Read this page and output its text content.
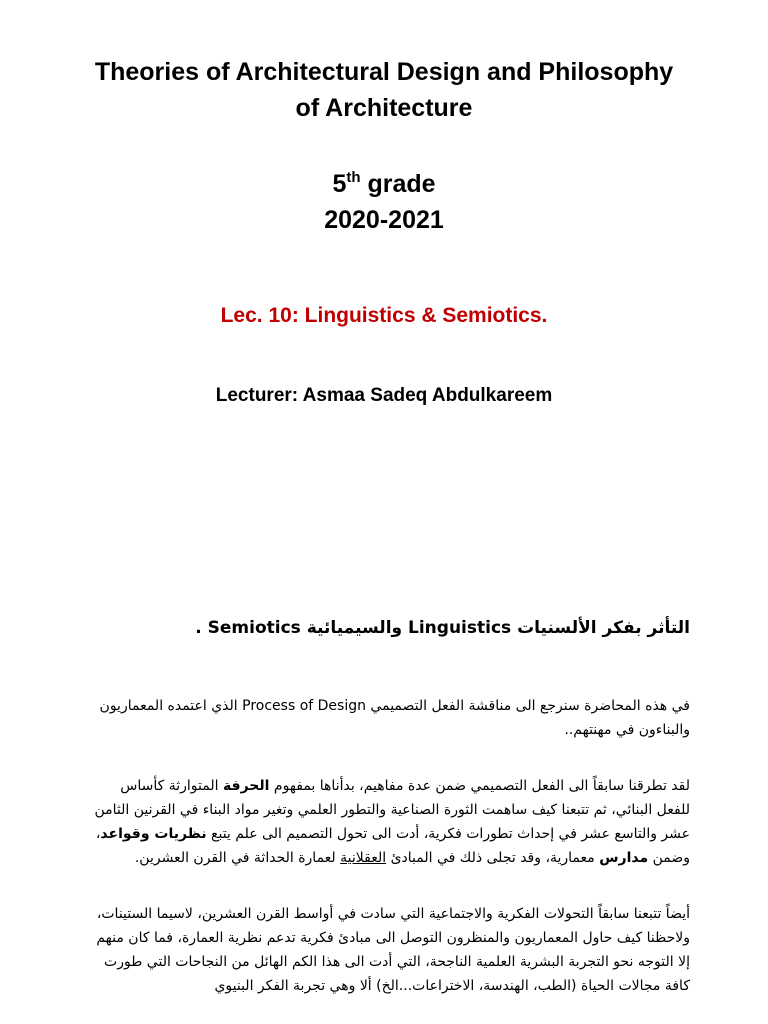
Theories of Architectural Design and Philosophy
of Architecture
5th grade
2020-2021
Lec. 10: Linguistics & Semiotics.
Lecturer: Asmaa Sadeq Abdulkareem
التأثر بفكر الألسنيات Linguistics والسيميائية Semiotics .
في هذه المحاضرة سنرجع الى مناقشة الفعل التصميمي Process of Design الذي اعتمده المعماريون والبناءون في مهنتهم..
لقد تطرقنا سابقاً الى الفعل التصميمي ضمن عدة مفاهيم، بدأناها بمفهوم الحرفة المتوارثة كأساس للفعل البنائي، ثم تتبعنا كيف ساهمت الثورة الصناعية والتطور العلمي وتغير مواد البناء في القرنين الثامن عشر والتاسع عشر في إحداث تطورات فكرية، أدت الى تحول التصميم الى علم يتبع نظريات وقواعد، وضمن مدارس معمارية، وقد تجلى ذلك في المبادئ العقلانية لعمارة الحداثة في القرن العشرين.
أيضاً تتبعنا سابقاً التحولات الفكرية والاجتماعية التي سادت في أواسط القرن العشرين، لاسيما الستينات، ولاحظنا كيف حاول المعماريون والمنظرون التوصل الى مبادئ فكرية تدعم نظرية العمارة، فما كان منهم إلا التوجه نحو التجربة البشرية العلمية الناجحة، التي أدت الى هذا الكم الهائل من النجاحات التي طورت كافة مجالات الحياة (الطب، الهندسة، الاختراعات...الخ) ألا وهي تجربة الفكر البنيوي
